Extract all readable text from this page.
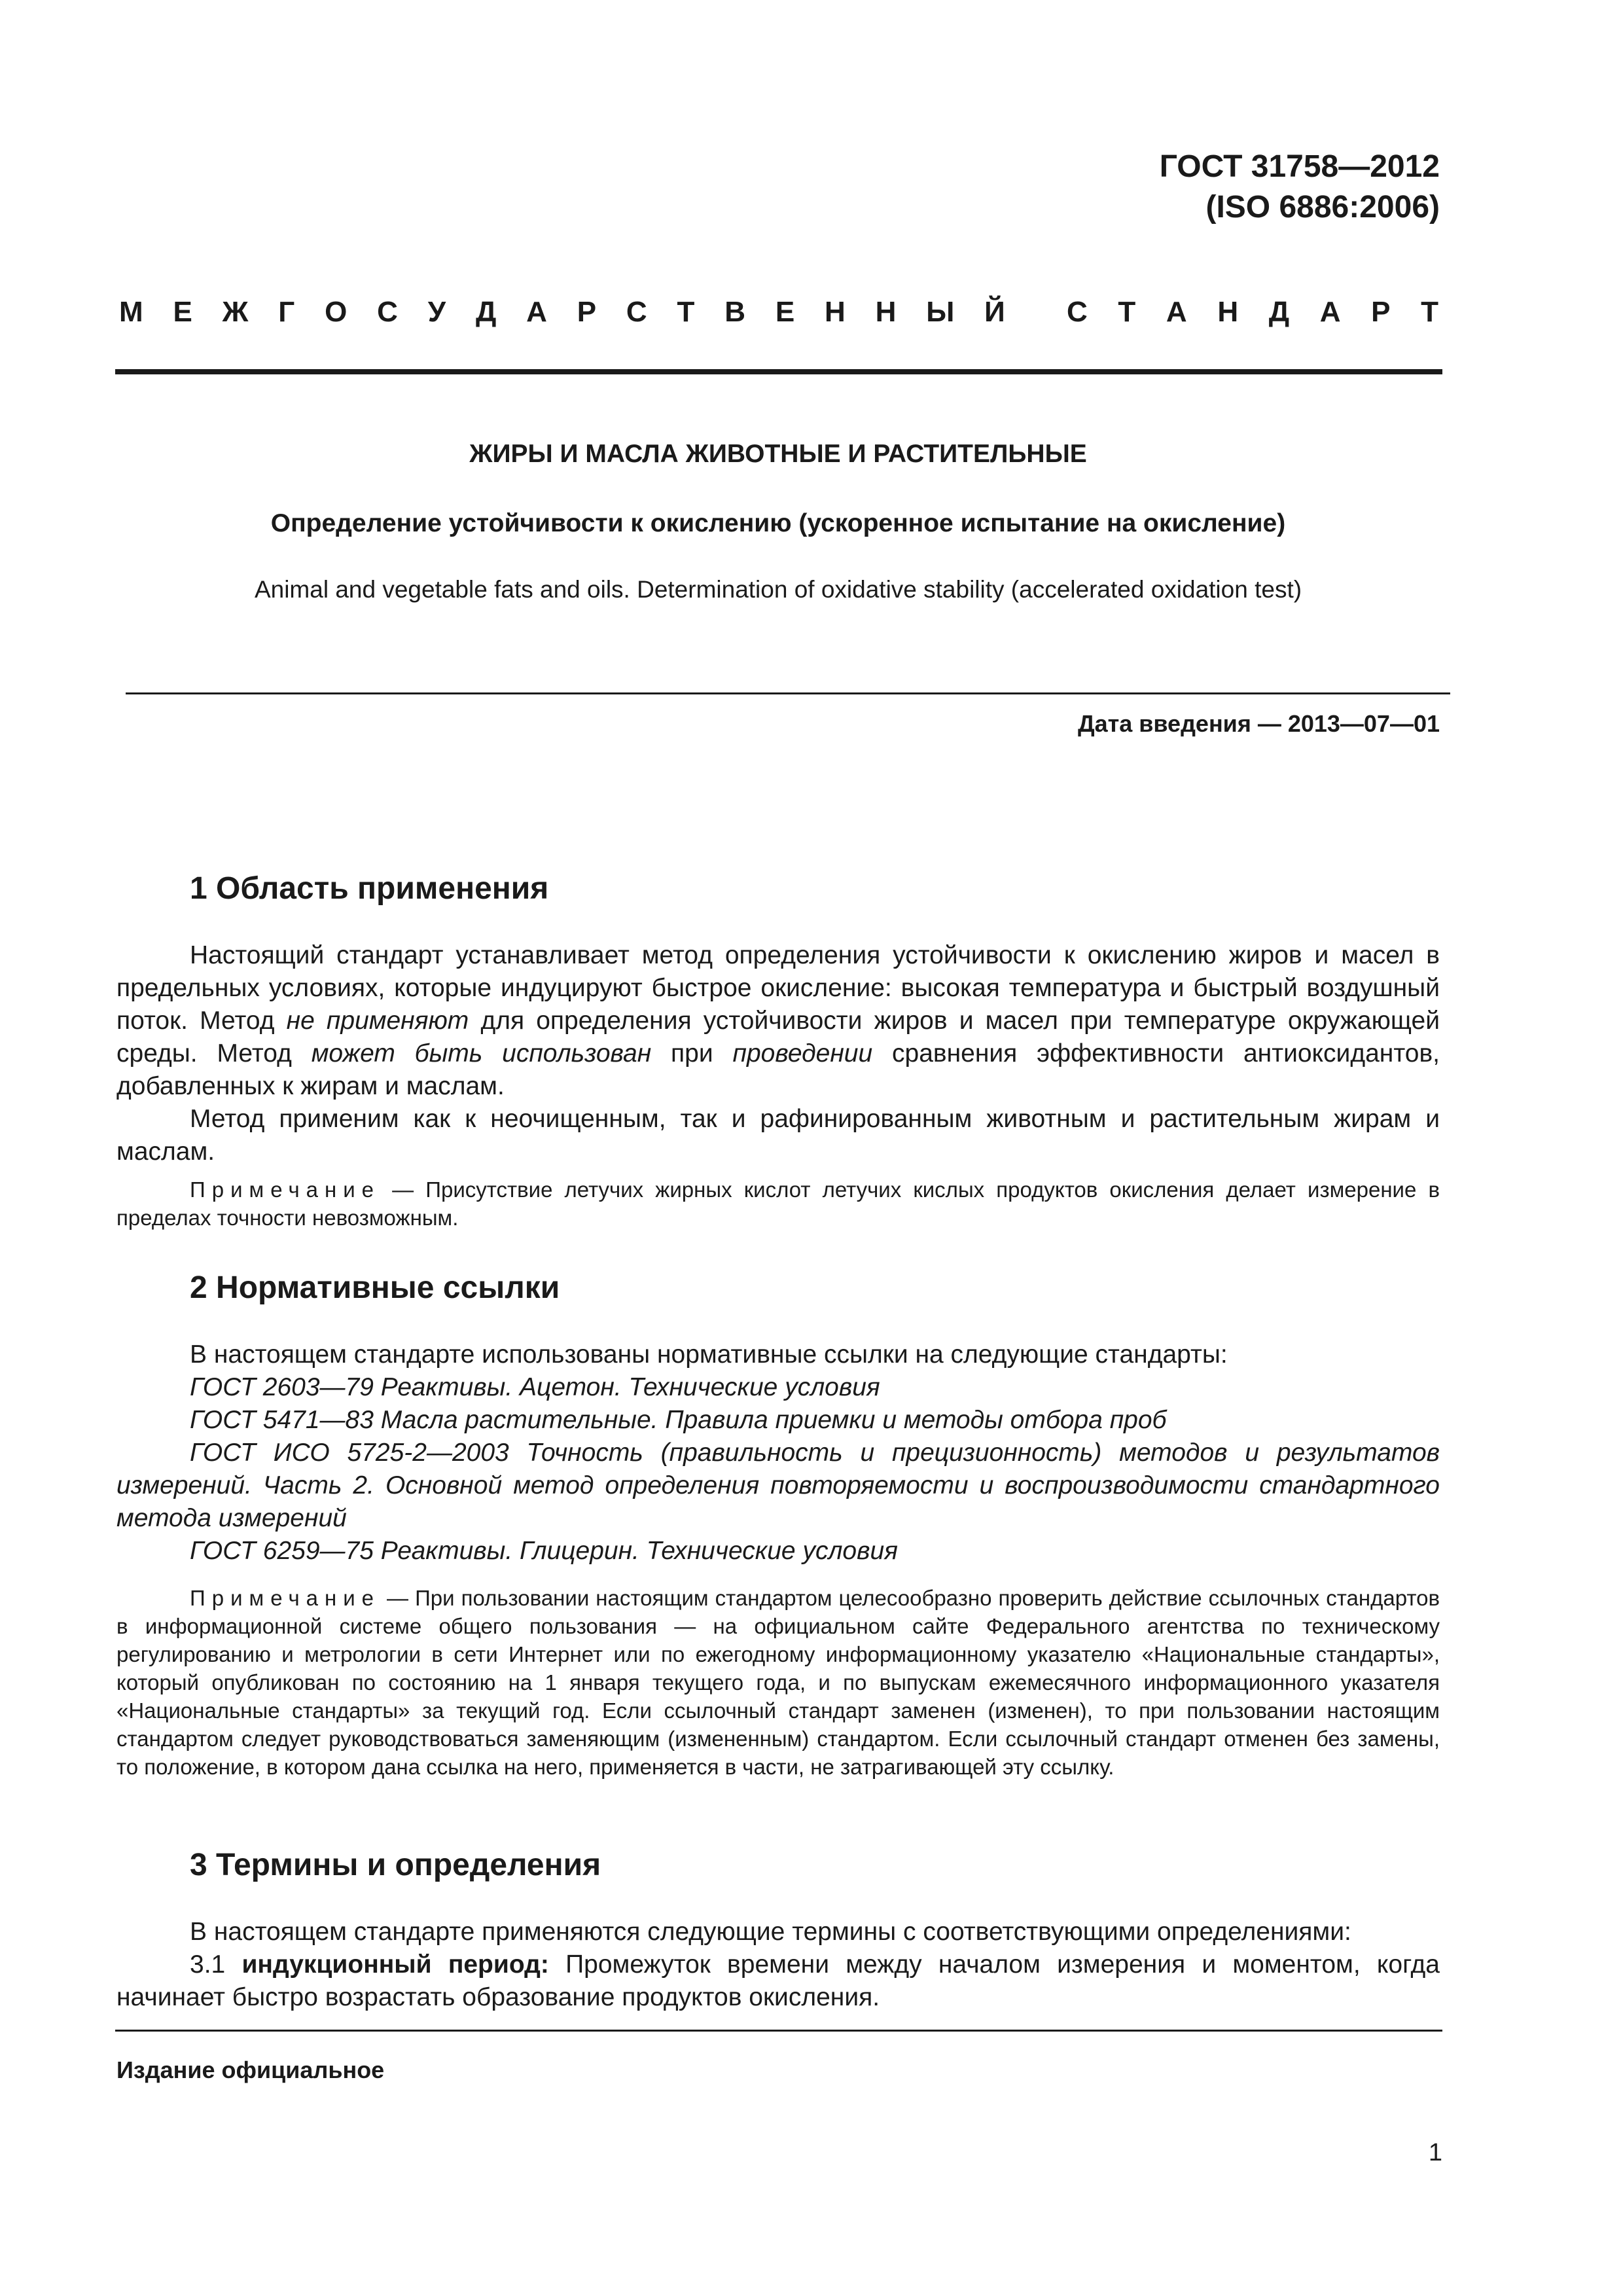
ГОСТ 31758—2012
(ISO 6886:2006)
М Е Ж Г О С У Д А Р С Т В Е Н Н Ы Й С Т А Н Д А Р Т
ЖИРЫ И МАСЛА ЖИВОТНЫЕ И РАСТИТЕЛЬНЫЕ
Определение устойчивости к окислению (ускоренное испытание на окисление)
Animal and vegetable fats and oils. Determination of oxidative stability (accelerated oxidation test)
Дата введения — 2013—07—01
1 Область применения

Настоящий стандарт устанавливает метод определения устойчивости к окислению жиров и масел в предельных условиях, которые индуцируют быстрое окисление: высокая температура и быстрый воздушный поток. Метод не применяют для определения устойчивости жиров и масел при температуре окружающей среды. Метод может быть использован при проведении сравнения эффективности антиоксидантов, добавленных к жирам и маслам.

Метод применим как к неочищенным, так и рафинированным животным и растительным жирам и маслам.

Примечание — Присутствие летучих жирных кислот летучих кислых продуктов окисления делает измерение в пределах точности невозможным.

2 Нормативные ссылки

В настоящем стандарте использованы нормативные ссылки на следующие стандарты:

ГОСТ 2603—79 Реактивы. Ацетон. Технические условия

ГОСТ 5471—83 Масла растительные. Правила приемки и методы отбора проб

ГОСТ ИСО 5725-2—2003 Точность (правильность и прецизионность) методов и результатов измерений. Часть 2. Основной метод определения повторяемости и воспроизводимости стандартного метода измерений

ГОСТ 6259—75 Реактивы. Глицерин. Технические условия

Примечание — При пользовании настоящим стандартом целесообразно проверить действие ссылочных стандартов в информационной системе общего пользования — на официальном сайте Федерального агентства по техническому регулированию и метрологии в сети Интернет или по ежегодному информационному указателю «Национальные стандарты», который опубликован по состоянию на 1 января текущего года, и по выпускам ежемесячного информационного указателя «Национальные стандарты» за текущий год. Если ссылочный стандарт заменен (изменен), то при пользовании настоящим стандартом следует руководствоваться заменяющим (измененным) стандартом. Если ссылочный стандарт отменен без замены, то положение, в котором дана ссылка на него, применяется в части, не затрагивающей эту ссылку.

3 Термины и определения

В настоящем стандарте применяются следующие термины с соответствующими определениями:

3.1 индукционный период: Промежуток времени между началом измерения и моментом, когда начинает быстро возрастать образование продуктов окисления.

Издание официальное
1
